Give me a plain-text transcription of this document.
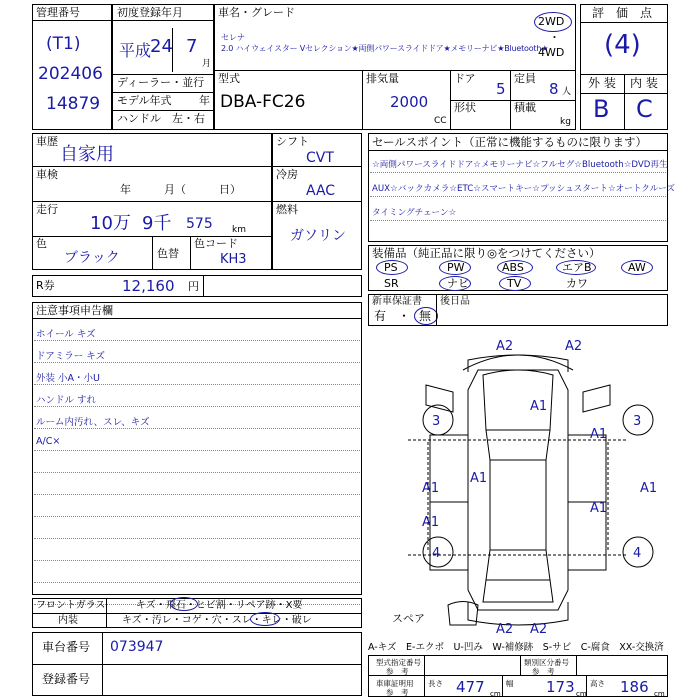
管理番号
(T1)
202406
14879
初度登録年月
平成
24 7
月
ディーラー・並行
モデル年式	年
ハンドル　左・右
車名・グレード
セレナ
2.0 ハイウェイスター Vセレクション★両側パワースライドドア★メモリーナビ★Bluetooth★
2WD
・
4WD
型式
DBA-FC26
排気量
2000
CC
ドア
5
定員
8 人
形状	積載
kg
評　価　点
(4)
外 装 内 装
B C
車歴
自家用
車検
年　　　月（　　　日）
走行
10万 9千 575 km
色
ブラック	色替
色コード
KH3
シフト
CVT
冷房
AAC
燃料
ガソリン
セールスポイント（正常に機能するものに限ります）
☆両側パワースライドドア☆メモリーナビ☆フルセグ☆Bluetooth☆DVD再生
AUX☆バックカメラ☆ETC☆スマートキー☆プッシュスタート☆オートクルーズ
タイミングチェーン☆
装備品（純正品に限り◎をつけてください）
PS	PW	ABS	エアB	AW
SR	ナビ	TV	カワ
R券	12,160 円
新車保証書
有　・ 無
後日品
注意事項申告欄
ホイール キズ
ドアミラー キズ
外装 小A・小U
ハンドル すれ
ルーム内汚れ、スレ、キズ
A/C×
A-キズ　E-エクボ　U-凹み　W-補修跡　S-サビ　C-腐食　XX-交換済
A2	A2
A1
3	3
A1
A1
A1	A1
A1
A1
4	4
A2 A2
スペア
フロントガラス	キズ・飛石・ヒビ割・リペア跡・X要
内装	キズ・汚レ・コゲ・穴・スレ・キレ・破レ
車台番号 073947
登録番号
型式指定番号
参　考
類別区分番号
参　考
車庫証明用
参　考
長さ 477 cm
幅 173 cm
高さ 186 cm
